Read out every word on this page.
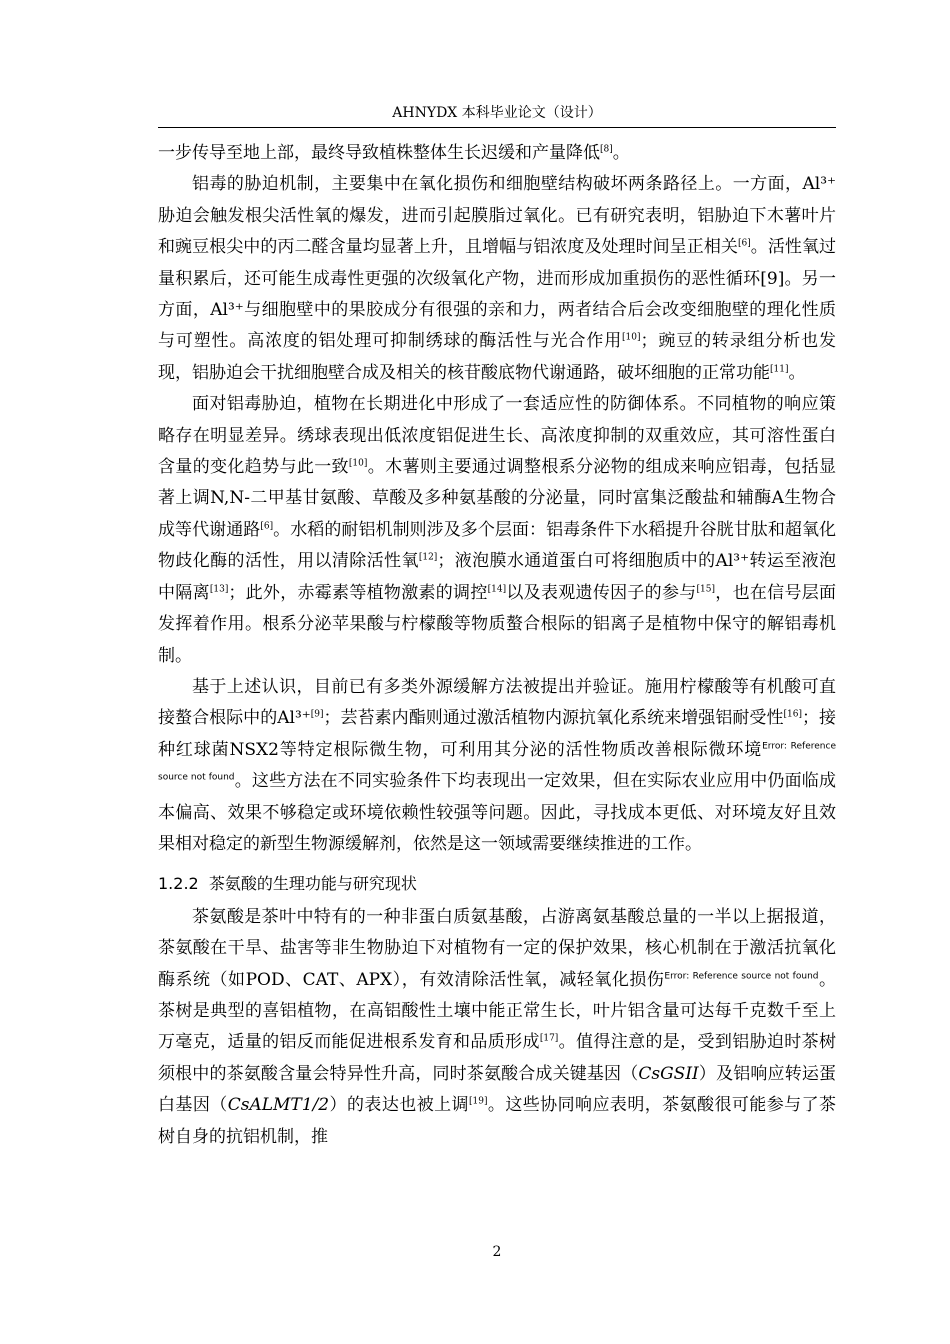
AHNYDX 本科毕业论文（设计）

一步传导至地上部，最终导致植株整体生长迟缓和产量降低[8]。

铝毒的胁迫机制，主要集中在氧化损伤和细胞壁结构破坏两条路径上。一方面，Al³⁺胁迫会触发根尖活性氧的爆发，进而引起膜脂过氧化。已有研究表明，铝胁迫下木薯叶片和豌豆根尖中的丙二醛含量均显著上升，且增幅与铝浓度及处理时间呈正相关[6]。活性氧过量积累后，还可能生成毒性更强的次级氧化产物，进而形成加重损伤的恶性循环[9]。另一方面，Al³⁺与细胞壁中的果胶成分有很强的亲和力，两者结合后会改变细胞壁的理化性质与可塑性。高浓度的铝处理可抑制绣球的酶活性与光合作用[10]；豌豆的转录组分析也发现，铝胁迫会干扰细胞壁合成及相关的核苷酸底物代谢通路，破坏细胞的正常功能[11]。

面对铝毒胁迫，植物在长期进化中形成了一套适应性的防御体系。不同植物的响应策略存在明显差异。绣球表现出低浓度铝促进生长、高浓度抑制的双重效应，其可溶性蛋白含量的变化趋势与此一致[10]。木薯则主要通过调整根系分泌物的组成来响应铝毒，包括显著上调N,N-二甲基甘氨酸、草酸及多种氨基酸的分泌量，同时富集泛酸盐和辅酶A生物合成等代谢通路[6]。水稻的耐铝机制则涉及多个层面：铝毒条件下水稻提升谷胱甘肽和超氧化物歧化酶的活性，用以清除活性氧[12]；液泡膜水通道蛋白可将细胞质中的Al³⁺转运至液泡中隔离[13]；此外，赤霉素等植物激素的调控[14]以及表观遗传因子的参与[15]，也在信号层面发挥着作用。根系分泌苹果酸与柠檬酸等物质螯合根际的铝离子是植物中保守的解铝毒机制。

基于上述认识，目前已有多类外源缓解方法被提出并验证。施用柠檬酸等有机酸可直接螯合根际中的Al³⁺[9]；芸苔素内酯则通过激活植物内源抗氧化系统来增强铝耐受性[16]；接种红球菌NSX2等特定根际微生物，可利用其分泌的活性物质改善根际微环境$^{Error: Reference source not found}$。这些方法在不同实验条件下均表现出一定效果，但在实际农业应用中仍面临成本偏高、效果不够稳定或环境依赖性较强等问题。因此，寻找成本更低、对环境友好且效果相对稳定的新型生物源缓解剂，依然是这一领域需要继续推进的工作。

1.2.2 茶氨酸的生理功能与研究现状

茶氨酸是茶叶中特有的一种非蛋白质氨基酸，占游离氨基酸总量的一半以上据报道，茶氨酸在干旱、盐害等非生物胁迫下对植物有一定的保护效果，核心机制在于激活抗氧化酶系统（如POD、CAT、APX），有效清除活性氧，减轻氧化损伤$^{Error: Reference source not found}$。茶树是典型的喜铝植物，在高铝酸性土壤中能正常生长，叶片铝含量可达每千克数千至上万毫克，适量的铝反而能促进根系发育和品质形成[17]。值得注意的是，受到铝胁迫时茶树须根中的茶氨酸含量会特异性升高，同时茶氨酸合成关键基因（CsGSII）及铝响应转运蛋白基因（CsALMT1/2）的表达也被上调[19]。这些协同响应表明，茶氨酸很可能参与了茶树自身的抗铝机制，推

2
